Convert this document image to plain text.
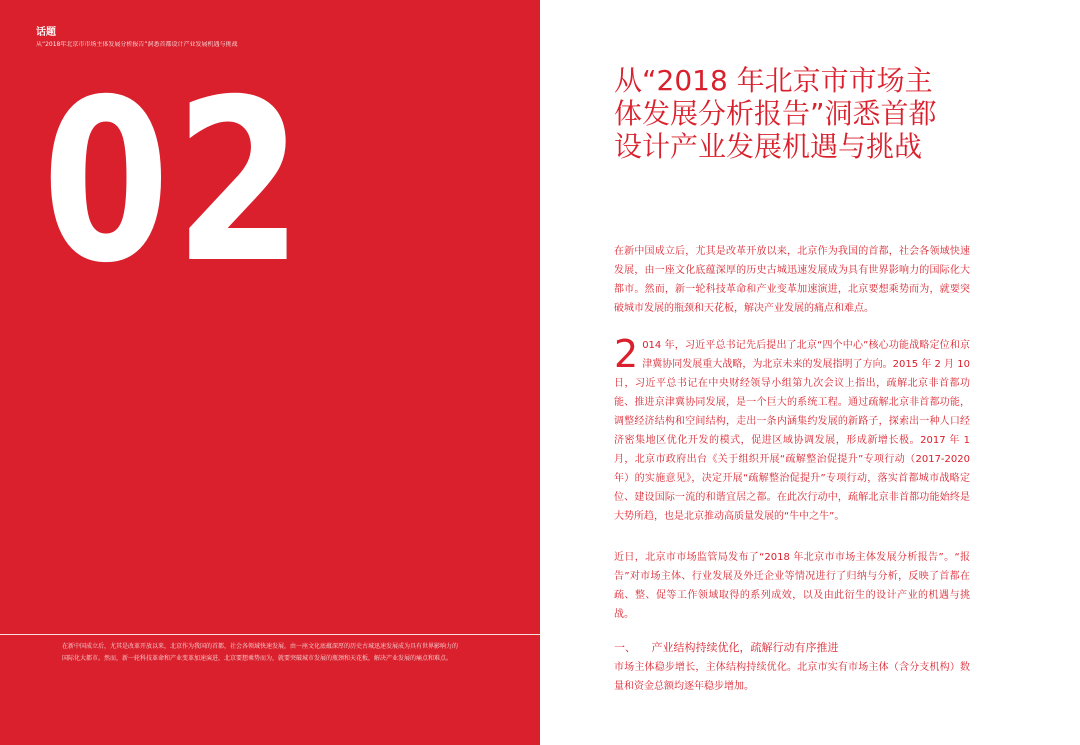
话题
从“2018年北京市市场主体发展分析报告”洞悉首都设计产业发展机遇与挑战
02
在新中国成立后，尤其是改革开放以来，北京作为我国的首都，社会各领域快速发展，由一座文化底蕴深厚的历史古城迅速发展成为具有世界影响力的国际化大都市。然而，新一轮科技革命和产业变革加速演进，北京要想乘势而为，就要突破城市发展的瓶颈和天花板，解决产业发展的痛点和难点。
从“2018 年北京市市场主体发展分析报告”洞悉首都设计产业发展机遇与挑战

在新中国成立后，尤其是改革开放以来，北京作为我国的首都，社会各领域快速发展，由一座文化底蕴深厚的历史古城迅速发展成为具有世界影响力的国际化大都市。然而，新一轮科技革命和产业变革加速演进，北京要想乘势而为，就要突破城市发展的瓶颈和天花板，解决产业发展的痛点和难点。

2 014 年，习近平总书记先后提出了北京“四个中心”核心功能战略定位和京津冀协同发展重大战略，为北京未来的发展指明了方向。2015 年 2 月 10 日，习近平总书记在中央财经领导小组第九次会议上指出，疏解北京非首都功能、推进京津冀协同发展，是一个巨大的系统工程。通过疏解北京非首都功能，调整经济结构和空间结构，走出一条内涵集约发展的新路子，探索出一种人口经济密集地区优化开发的模式，促进区域协调发展，形成新增长极。2017 年 1 月，北京市政府出台《关于组织开展“疏解整治促提升”专项行动（2017-2020 年）的实施意见》，决定开展“疏解整治促提升”专项行动，落实首都城市战略定位、建设国际一流的和谐宜居之都。在此次行动中，疏解北京非首都功能始终是大势所趋，也是北京推动高质量发展的“牛中之牛”。

近日，北京市市场监管局发布了“2018 年北京市市场主体发展分析报告”。“报告”对市场主体、行业发展及外迁企业等情况进行了归纳与分析，反映了首都在疏、整、促等工作领域取得的系列成效，以及由此衍生的设计产业的机遇与挑战。

一、 产业结构持续优化，疏解行动有序推进

市场主体稳步增长，主体结构持续优化。北京市实有市场主体（含分支机构）数量和资金总额均逐年稳步增加。
